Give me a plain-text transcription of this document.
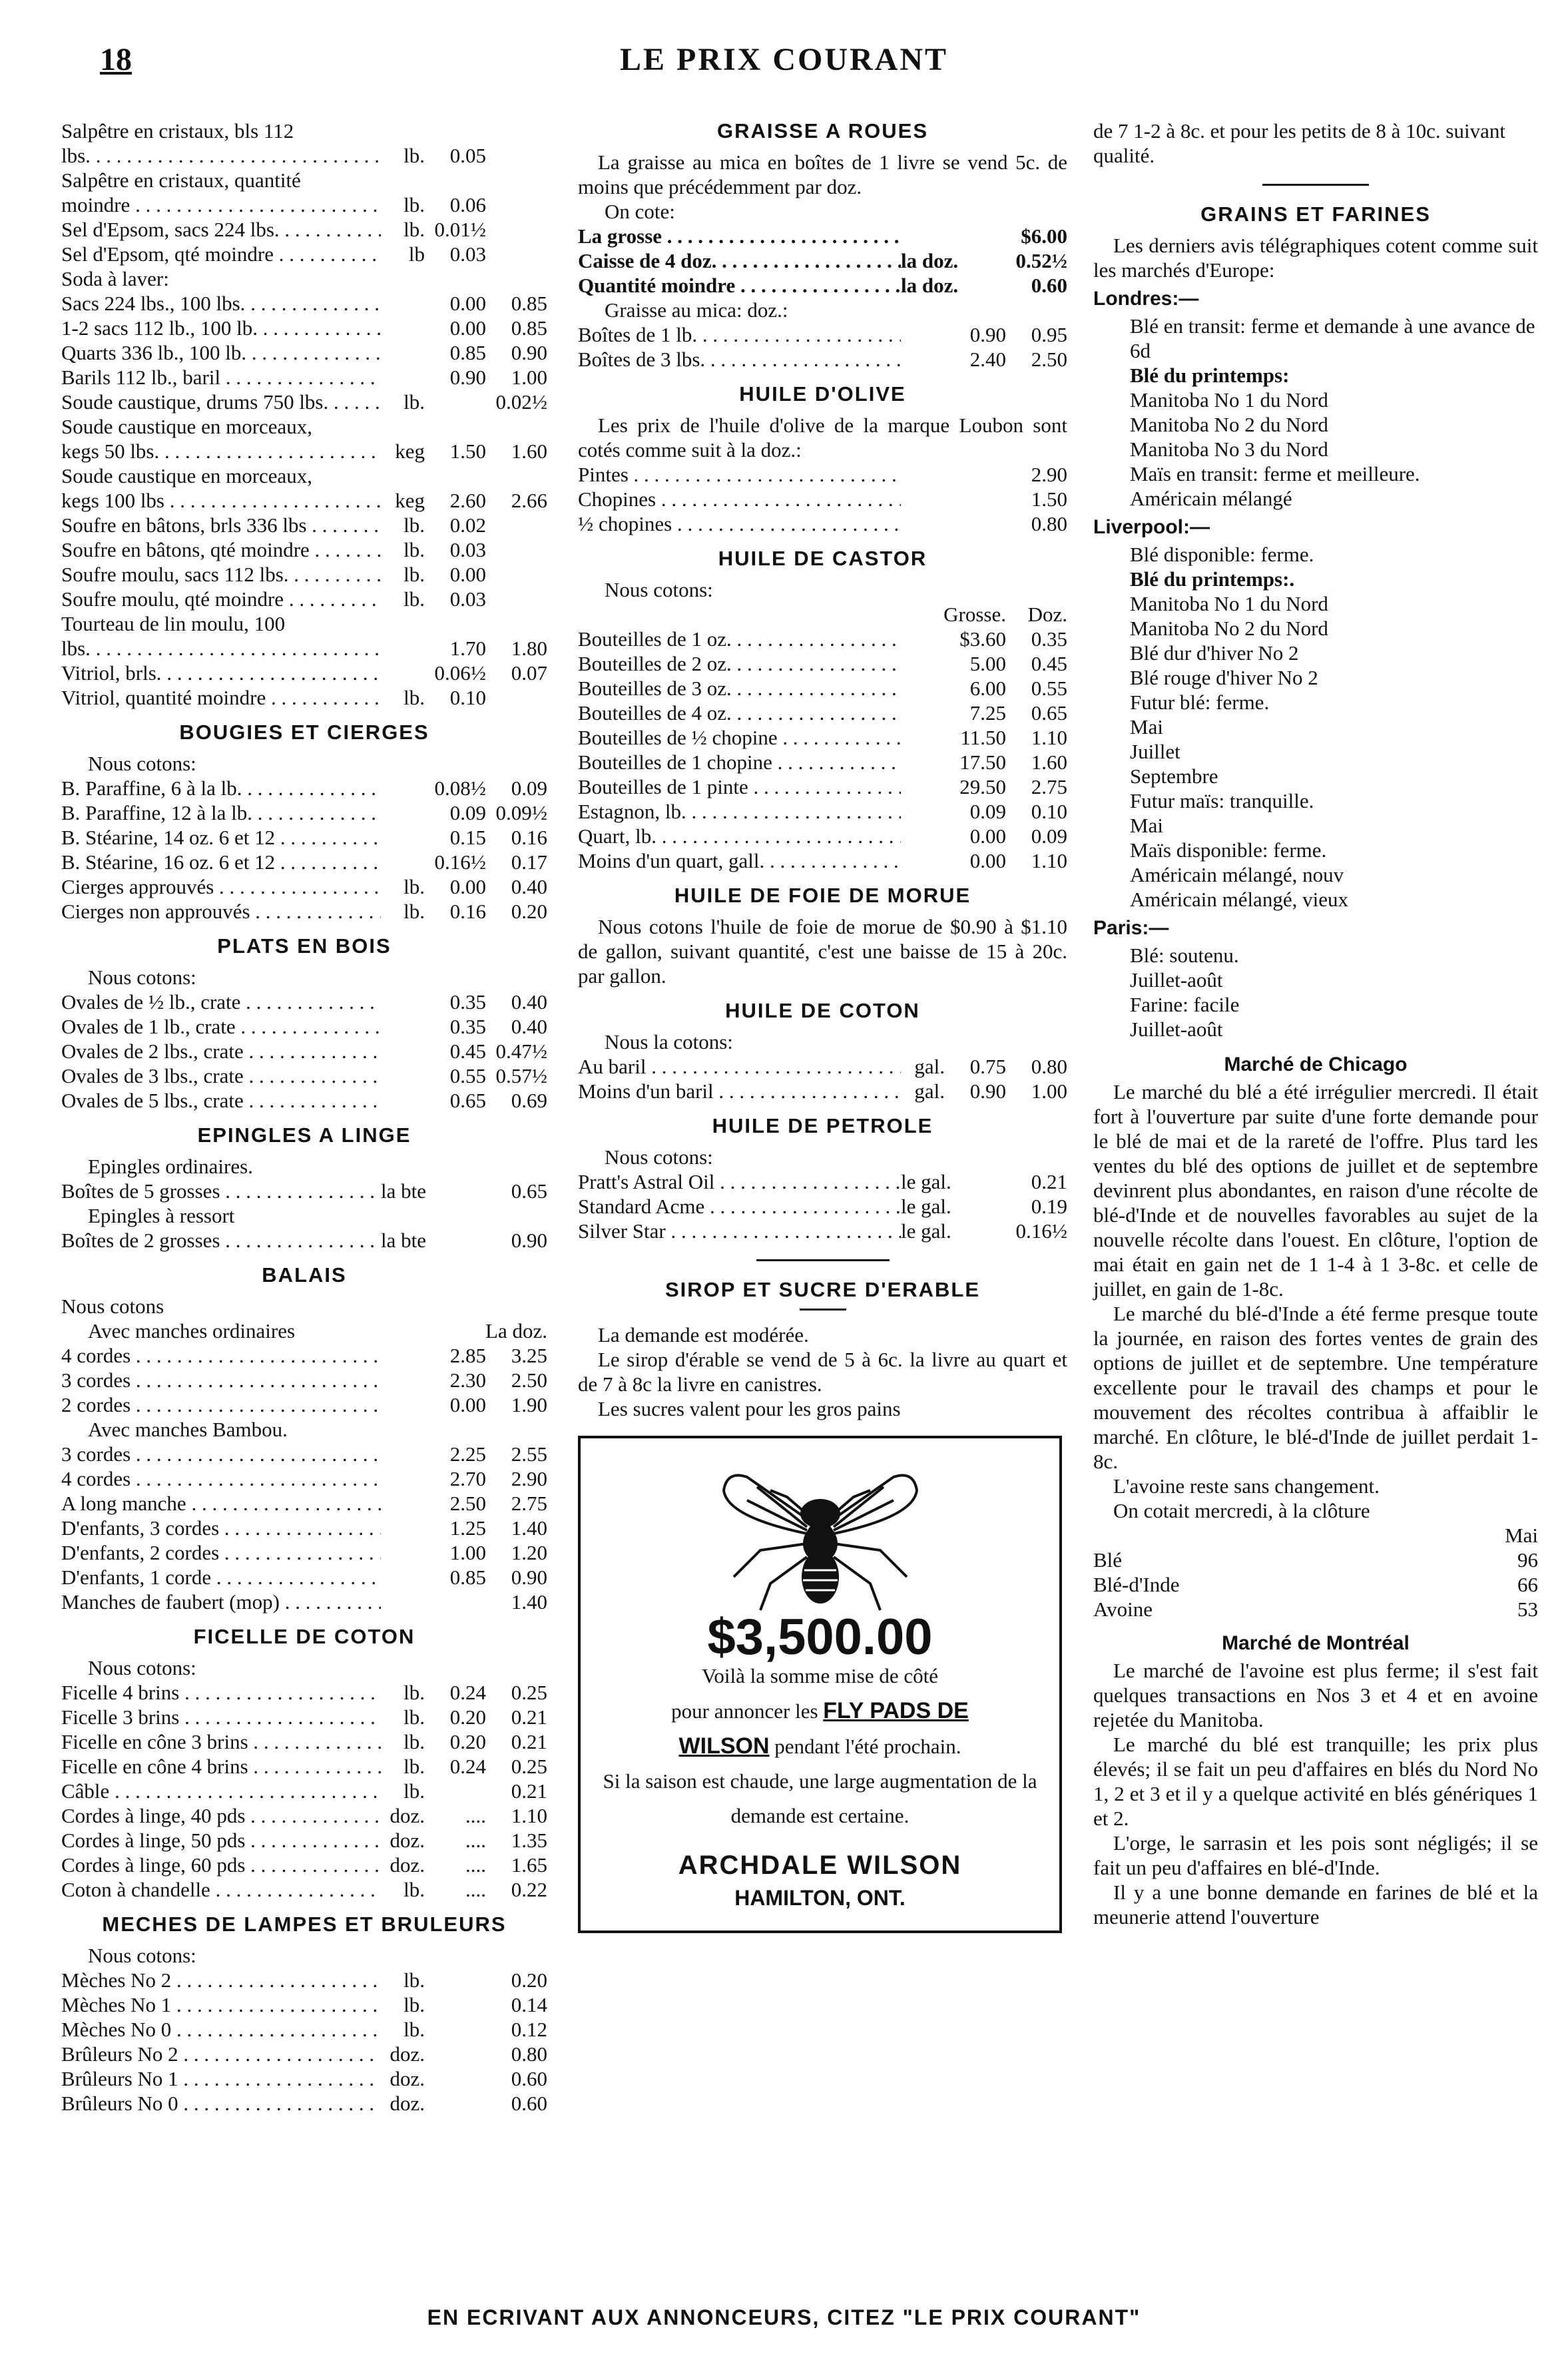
18	LE PRIX COURANT
Salpêtre en cristaux, bls 112
lbs. . . .	lb.	0.05
Salpêtre en cristaux, quantité
moindre . . .	lb.	0.06
Sel d'Epsom, sacs 224 lbs. . . .	lb. 0.01½
Sel d'Epsom, qté moindre . . .	lb	0.03
Soda à laver:
Sacs 224 lbs., 100 lbs. . . .	0.00	0.85
1-2 sacs 112 lb., 100 lb. . . .	0.00	0.85
Quarts 336 lb., 100 lb. . . .	0.85	0.90
Barils 112 lb., baril . . .	0.90	1.00
Soude caustique, drums 750 lbs. . . .	lb.	0.02½
Soude caustique en morceaux,
kegs 50 lbs. . . .	keg	1.50	1.60
Soude caustique en morceaux,
kegs 100 lbs . . .	keg	2.60	2.66
Soufre en bâtons, brls 336 lbs . . .	lb.	0.02
Soufre en bâtons, qté moindre . . .	lb.	0.03
Soufre moulu, sacs 112 lbs. . . .	lb.	0.00
Soufre moulu, qté moindre . . .	lb.	0.03
Tourteau de lin moulu, 100
lbs. . . .	1.70	1.80
Vitriol, brls. . . .	0.06½	0.07
Vitriol, quantité moindre . . .	lb.	0.10
BOUGIES ET CIERGES
Nous cotons:
B. Paraffine, 6 à la lb. . . .	0.08½	0.09
B. Paraffine, 12 à la lb. . . .	0.09 0.09½
B. Stéarine, 14 oz. 6 et 12 . . .	0.15	0.16
B. Stéarine, 16 oz. 6 et 12 . . .	0.16½	0.17
Cierges approuvés . . .	lb.	0.00	0.40
Cierges non approuvés . . .	lb.	0.16	0.20
PLATS EN BOIS
Nous cotons:
Ovales de ½ lb., crate . . .	0.35	0.40
Ovales de 1 lb., crate . . .	0.35	0.40
Ovales de 2 lbs., crate . . .	0.45 0.47½
Ovales de 3 lbs., crate . . .	0.55 0.57½
Ovales de 5 lbs., crate . . .	0.65	0.69
EPINGLES A LINGE
Epingles ordinaires.
Boîtes de 5 grosses . . .	la bte	0.65
Epingles à ressort
Boîtes de 2 grosses . . .	la bte	0.90
BALAIS
Nous cotons
Avec manches ordinaires	La doz.
4 cordes . . .	2.85	3.25
3 cordes . . .	2.30	2.50
2 cordes . . .	0.00	1.90
Avec manches Bambou.
3 cordes . . .	2.25	2.55
4 cordes . . .	2.70	2.90
A long manche . . .	2.50	2.75
D'enfants, 3 cordes . . .	1.25	1.40
D'enfants, 2 cordes . . .	1.00	1.20
D'enfants, 1 corde . . .	0.85	0.90
Manches de faubert (mop) . . .	1.40
FICELLE DE COTON
Nous cotons:
Ficelle 4 brins . . .	lb.	0.24	0.25
Ficelle 3 brins . . .	lb.	0.20	0.21
Ficelle en cône 3 brins . . .	lb.	0.20	0.21
Ficelle en cône 4 brins . . .	lb.	0.24	0.25
Câble . . .	lb.	0.21
Cordes à linge, 40 pds . . .	doz.	....	1.10
Cordes à linge, 50 pds . . .	doz.	....	1.35
Cordes à linge, 60 pds . . .	doz.	....	1.65
Coton à chandelle . . .	lb.	....	0.22
MECHES DE LAMPES ET BRULEURS
Nous cotons:
Mèches No 2 . . .	lb.	0.20
Mèches No 1 . . .	lb.	0.14
Mèches No 0 . . .	lb.	0.12
Brûleurs No 2 . . .	doz.	0.80
Brûleurs No 1 . . .	doz.	0.60
Brûleurs No 0 . . .	doz.	0.60
GRAISSE A ROUES

La graisse au mica en boîtes de 1 livre se vend 5c. de moins que précédemment par doz.

On cote:
La grosse . . .	$6.00
Caisse de 4 doz. . . .	la doz.	0.52½
Quantité moindre . . .	la doz.	0.60
Graisse au mica: doz.:
Boîtes de 1 lb. . . .	0.90	0.95
Boîtes de 3 lbs. . . .	2.40	2.50
HUILE D'OLIVE

Les prix de l'huile d'olive de la marque Loubon sont cotés comme suit à la doz.:

Pintes . . .	2.90
Chopines . . .	1.50
½ chopines . . .	0.80
HUILE DE CASTOR
Nous cotons:
Grosse.	Doz.
Bouteilles de 1 oz. . . .	$3.60	0.35
Bouteilles de 2 oz. . . .	5.00	0.45
Bouteilles de 3 oz. . . .	6.00	0.55
Bouteilles de 4 oz. . . .	7.25	0.65
Bouteilles de ½ chopine . . .	11.50	1.10
Bouteilles de 1 chopine . . .	17.50	1.60
Bouteilles de 1 pinte . . .	29.50	2.75
Estagnon, lb. . . .	0.09	0.10
Quart, lb. . . .	0.00	0.09
Moins d'un quart, gall. . . .	0.00	1.10
HUILE DE FOIE DE MORUE

Nous cotons l'huile de foie de morue de $0.90 à $1.10 de gallon, suivant quantité, c'est une baisse de 15 à 20c. par gallon.

HUILE DE COTON
Nous la cotons:
Au baril . . .	gal.	0.75	0.80
Moins d'un baril . . .	gal.	0.90	1.00
HUILE DE PETROLE
Nous cotons:
Pratt's Astral Oil . . .	le gal.	0.21
Standard Acme . . .	le gal.	0.19
Silver Star . . .	le gal.	0.16½
SIROP ET SUCRE D'ERABLE

La demande est modérée.

Le sirop d'érable se vend de 5 à 6c. la livre au quart et de 7 à 8c la livre en canistres.

Les sucres valent pour les gros pains

$3,500.00
Voilà la somme mise de côté
pour annoncer les FLY PADS DE
WILSON pendant l'été prochain.
Si la saison est chaude, une large augmentation de la demande est certaine.
ARCHDALE WILSON
HAMILTON, ONT.

de 7 1-2 à 8c. et pour les petits de 8 à 10c. suivant qualité.

GRAINS ET FARINES

Les derniers avis télégraphiques cotent comme suit les marchés d'Europe:

Londres:—
Blé en transit: ferme et demande à une avance de 6d
Blé du printemps:
Manitoba No 1 du Nord
Manitoba No 2 du Nord
Manitoba No 3 du Nord
Maïs en transit: ferme et meilleure.
Américain mélangé
Liverpool:—
Blé disponible: ferme.
Blé du printemps:.
Manitoba No 1 du Nord
Manitoba No 2 du Nord
Blé dur d'hiver No 2
Blé rouge d'hiver No 2
Futur blé: ferme.
Mai
Juillet
Septembre
Futur maïs: tranquille.
Mai
Maïs disponible: ferme.
Américain mélangé, nouv
Américain mélangé, vieux
Paris:—
Blé: soutenu.
Juillet-août
Farine: facile
Juillet-août
Marché de Chicago

Le marché du blé a été irrégulier mercredi. Il était fort à l'ouverture par suite d'une forte demande pour le blé de mai et de la rareté de l'offre. Plus tard les ventes du blé des options de juillet et de septembre devinrent plus abondantes, en raison d'une récolte de blé-d'Inde et de nouvelles favorables au sujet de la nouvelle récolte dans l'ouest. En clôture, l'option de mai était en gain net de 1 1-4 à 1 3-8c. et celle de juillet, en gain de 1-8c.

Le marché du blé-d'Inde a été ferme presque toute la journée, en raison des fortes ventes de grain des options de juillet et de septembre. Une température excellente pour le travail des champs et pour le mouvement des récoltes contribua à affaiblir le marché. En clôture, le blé-d'Inde de juillet perdait 1-8c.

L'avoine reste sans changement.

On cotait mercredi, à la clôture

Mai
Blé	96
Blé-d'Inde	66
Avoine	53
Marché de Montréal

Le marché de l'avoine est plus ferme; il s'est fait quelques transactions en Nos 3 et 4 et en avoine rejetée du Manitoba.

Le marché du blé est tranquille; les prix plus élevés; il se fait un peu d'affaires en blés du Nord No 1, 2 et 3 et il y a quelque activité en blés génériques 1 et 2.

L'orge, le sarrasin et les pois sont négligés; il se fait un peu d'affaires en blé-d'Inde.

Il y a une bonne demande en farines de blé et la meunerie attend l'ouverture

EN ECRIVANT AUX ANNONCEURS, CITEZ "LE PRIX COURANT"
